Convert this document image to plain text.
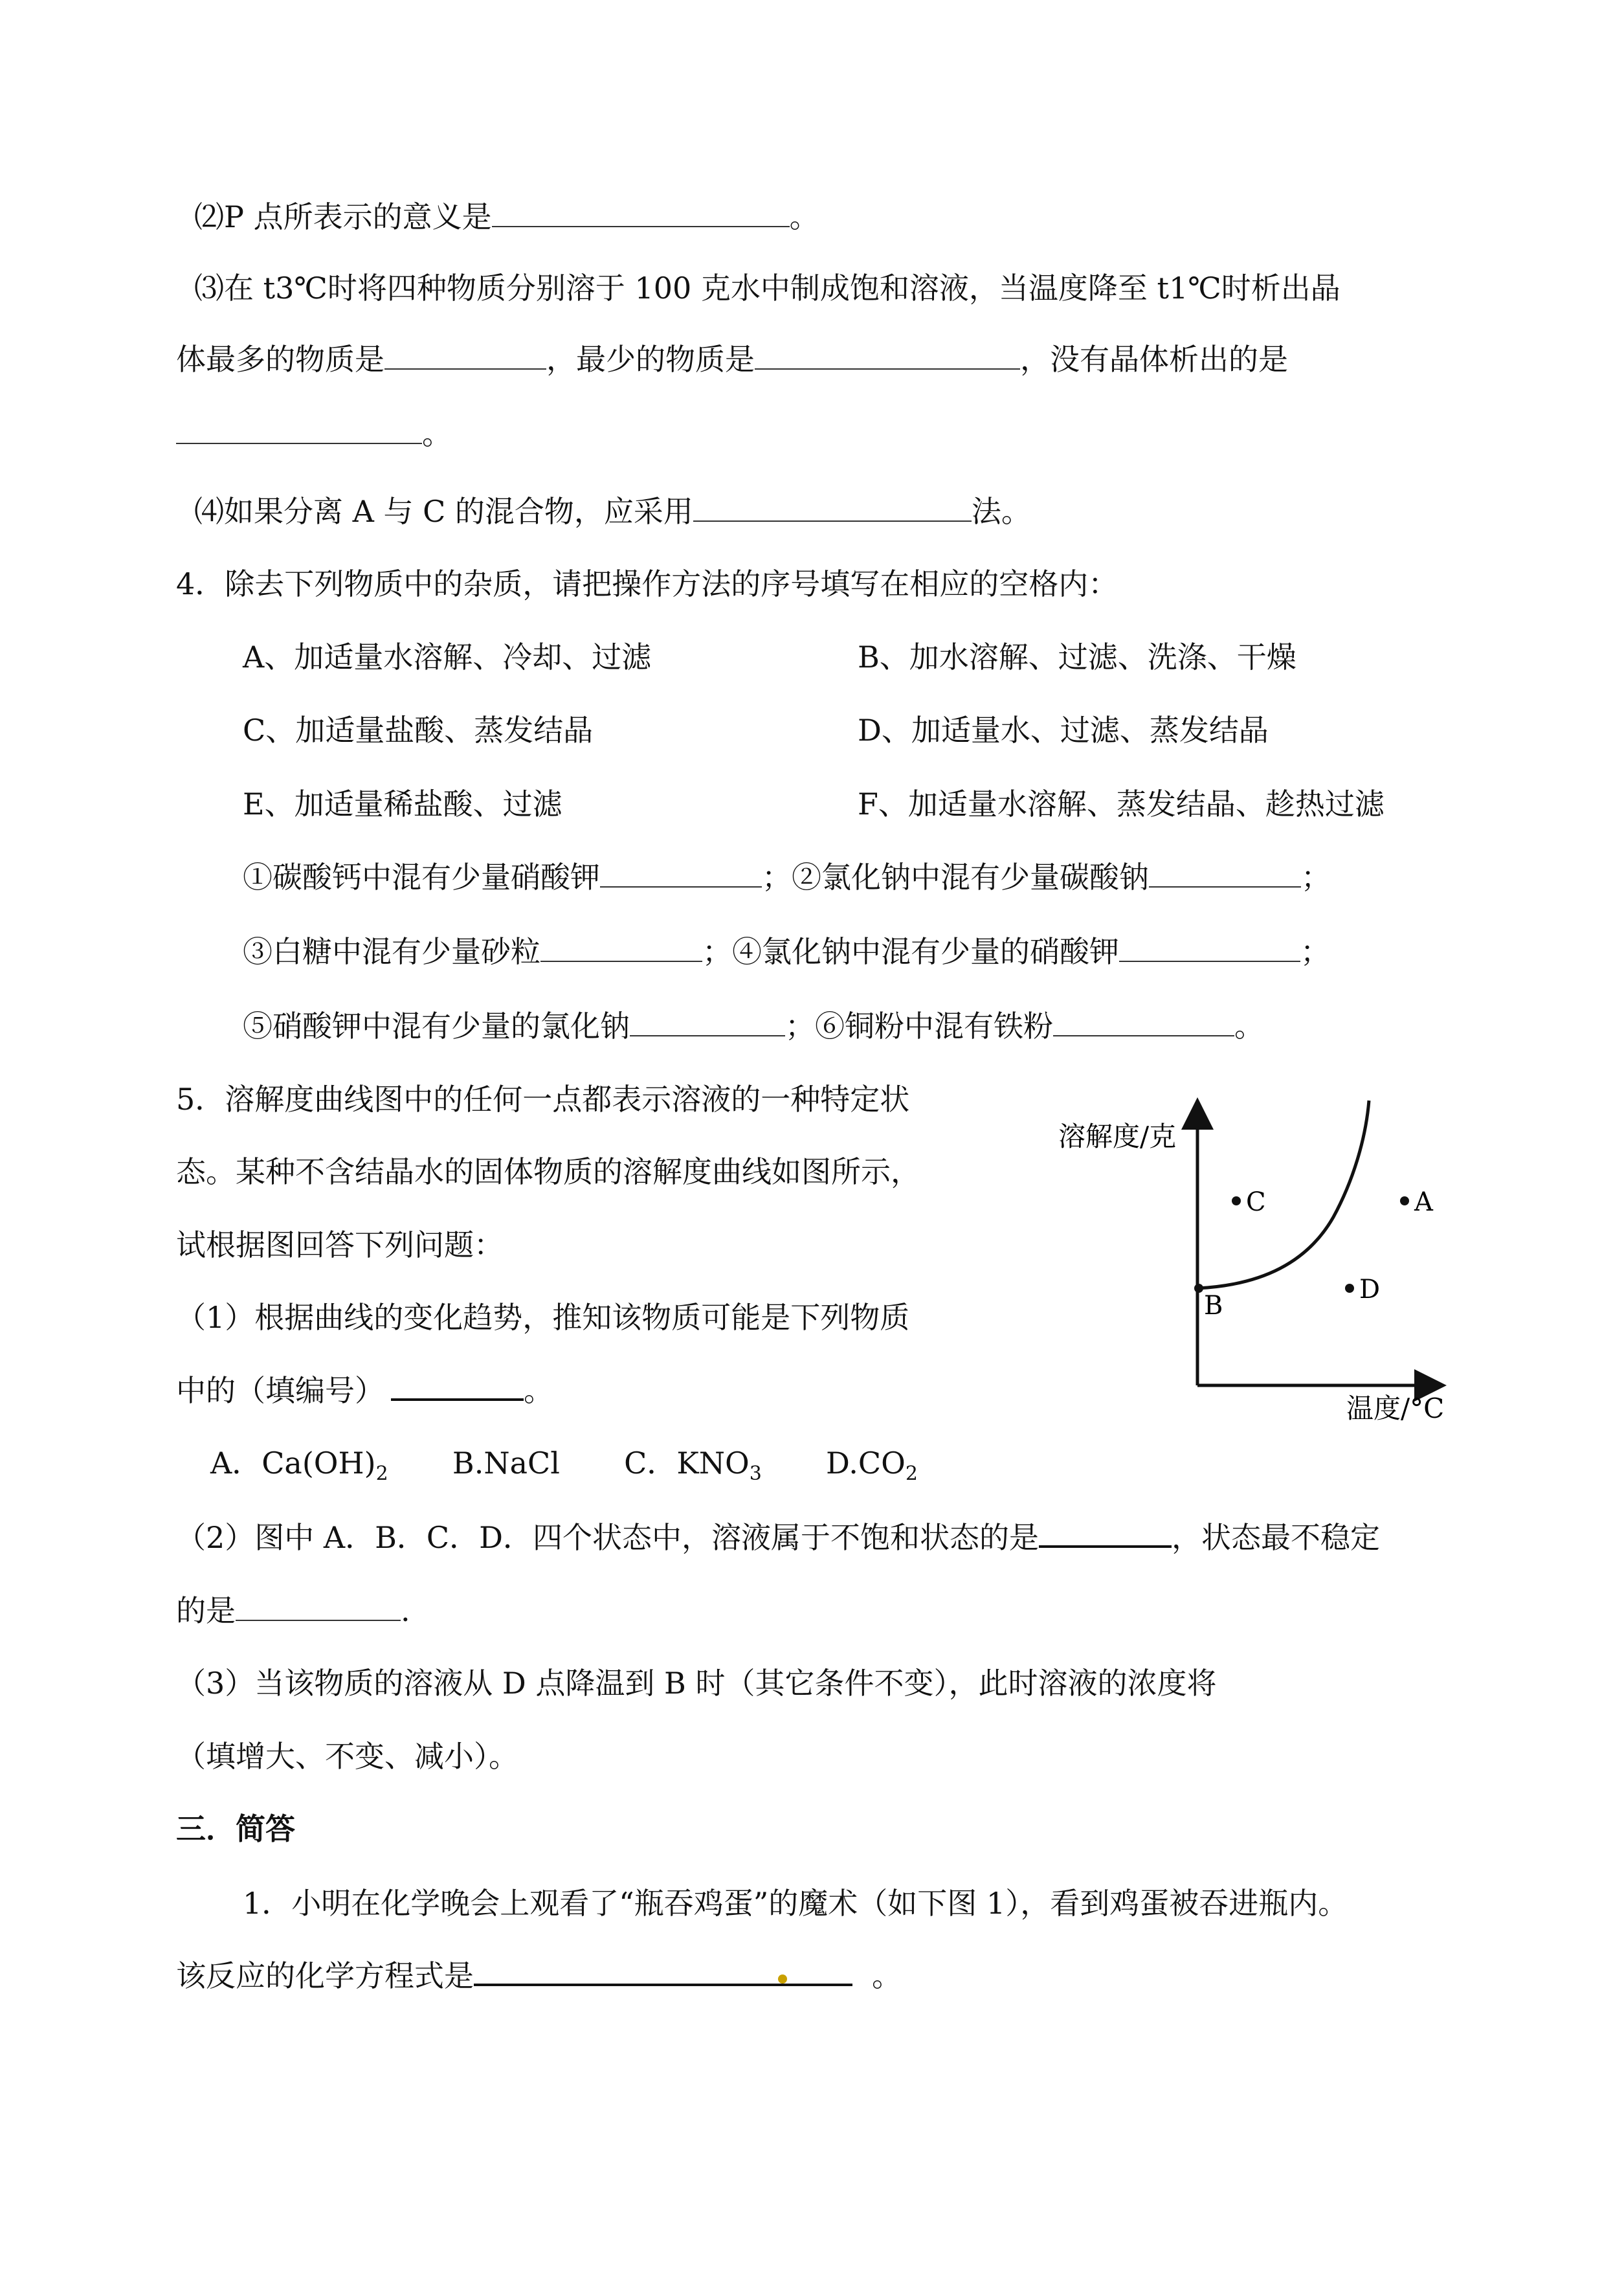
⑵P 点所表示的意义是	。
⑶在 t3℃时将四种物质分别溶于 100 克水中制成饱和溶液，当温度降至 t1℃时析出晶
体最多的物质是	，最少的物质是	，没有晶体析出的是
。
⑷如果分离 A 与 C 的混合物，应采用	法。
4．除去下列物质中的杂质，请把操作方法的序号填写在相应的空格内：
A、加适量水溶解、冷却、过滤	B、加水溶解、过滤、洗涤、干燥
C、加适量盐酸、蒸发结晶	D、加适量水、过滤、蒸发结晶
E、加适量稀盐酸、过滤	F、加适量水溶解、蒸发结晶、趁热过滤
①碳酸钙中混有少量硝酸钾	；②氯化钠中混有少量碳酸钠	；
③白糖中混有少量砂粒	；④氯化钠中混有少量的硝酸钾	；
⑤硝酸钾中混有少量的氯化钠	；⑥铜粉中混有铁粉	。
5．溶解度曲线图中的任何一点都表示溶液的一种特定状
态。某种不含结晶水的固体物质的溶解度曲线如图所示，
试根据图回答下列问题：
（1）根据曲线的变化趋势，推知该物质可能是下列物质
中的（填编号）	。
A．$Ca(OH)_2$ B.NaCl C．$KNO_3$ $D.CO_2$
（2）图中 A．B．C．D．四个状态中，溶液属于不饱和状态的是	，状态最不稳定
的是	.
（3）当该物质的溶液从 D 点降温到 B 时（其它条件不变），此时溶液的浓度将
（填增大、不变、减小）。
溶解度/克
温度/°C
B
C	A
D
三．简答
1．小明在化学晚会上观看了“瓶吞鸡蛋”的魔术（如下图 1），看到鸡蛋被吞进瓶内。
该反应的化学方程式是	。
